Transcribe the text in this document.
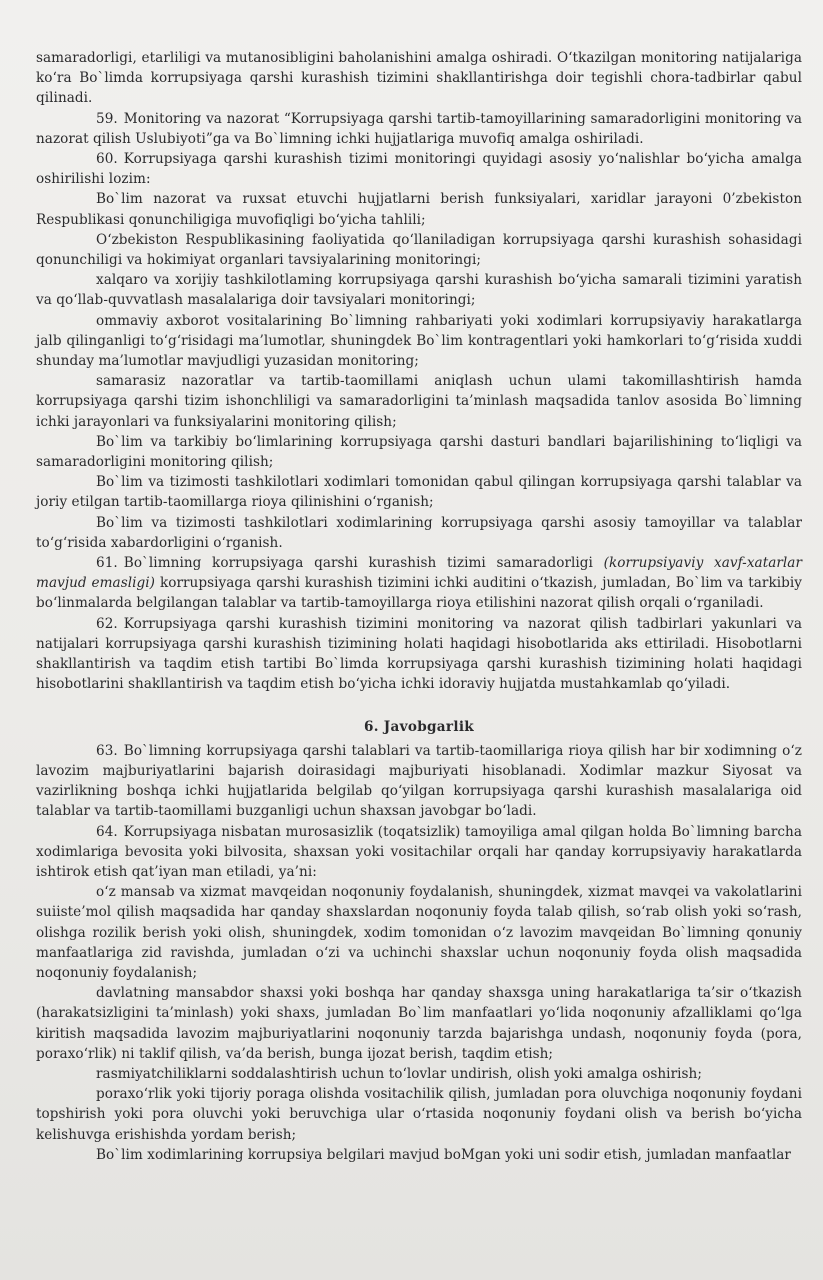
samaradorligi, etarliligi va mutanosibligini baholanishini amalga oshiradi. O‘tkazilgan monitoring natijalariga ko‘ra Bo`limda korrupsiyaga qarshi kurashish tizimini shakllantirishga doir tegishli chora-tadbirlar qabul qilinadi.

59. Monitoring va nazorat “Korrupsiyaga qarshi tartib-tamoyillarining samaradorligini monitoring va nazorat qilish Uslubiyoti”ga va Bo`limning ichki hujjatlariga muvofiq amalga oshiriladi.

60. Korrupsiyaga qarshi kurashish tizimi monitoringi quyidagi asosiy yo‘nalishlar bo‘yicha amalga oshirilishi lozim:

Bo`lim nazorat va ruxsat etuvchi hujjatlarni berish funksiyalari, xaridlar jarayoni 0’zbekiston Respublikasi qonunchiligiga muvofiqligi bo‘yicha tahlili;

O‘zbekiston Respublikasining faoliyatida qo‘llaniladigan korrupsiyaga qarshi kurashish sohasidagi qonunchiligi va hokimiyat organlari tavsiyalarining monitoringi;

xalqaro va xorijiy tashkilotlaming korrupsiyaga qarshi kurashish bo‘yicha samarali tizimini yaratish va qo‘llab-quvvatlash masalalariga doir tavsiyalari monitoringi;

ommaviy axborot vositalarining Bo`limning rahbariyati yoki xodimlari korrupsiyaviy harakatlarga jalb qilinganligi to‘g‘risidagi ma’lumotlar, shuningdek Bo`lim kontragentlari yoki hamkorlari to‘g‘risida xuddi shunday ma’lumotlar mavjudligi yuzasidan monitoring;

samarasiz nazoratlar va tartib-taomillami aniqlash uchun ulami takomillashtirish hamda korrupsiyaga qarshi tizim ishonchliligi va samaradorligini ta’minlash maqsadida tanlov asosida Bo`limning ichki jarayonlari va funksiyalarini monitoring qilish;

Bo`lim va tarkibiy bo‘limlarining korrupsiyaga qarshi dasturi bandlari bajarilishining to‘liqligi va samaradorligini monitoring qilish;

Bo`lim va tizimosti tashkilotlari xodimlari tomonidan qabul qilingan korrupsiyaga qarshi talablar va joriy etilgan tartib-taomillarga rioya qilinishini o‘rganish;

Bo`lim va tizimosti tashkilotlari xodimlarining korrupsiyaga qarshi asosiy tamoyillar va talablar to‘g‘risida xabardorligini o‘rganish.

61. Bo`limning korrupsiyaga qarshi kurashish tizimi samaradorligi (korrupsiyaviy xavf-xatarlar mavjud emasligi) korrupsiyaga qarshi kurashish tizimini ichki auditini o‘tkazish, jumladan, Bo`lim va tarkibiy bo‘linmalarda belgilangan talablar va tartib-tamoyillarga rioya etilishini nazorat qilish orqali o‘rganiladi.

62. Korrupsiyaga qarshi kurashish tizimini monitoring va nazorat qilish tadbirlari yakunlari va natijalari korrupsiyaga qarshi kurashish tizimining holati haqidagi hisobotlarida aks ettiriladi. Hisobotlarni shakllantirish va taqdim etish tartibi Bo`limda korrupsiyaga qarshi kurashish tizimining holati haqidagi hisobotlarini shakllantirish va taqdim etish bo‘yicha ichki idoraviy hujjatda mustahkamlab qo‘yiladi.

6. Javobgarlik

63. Bo`limning korrupsiyaga qarshi talablari va tartib-taomillariga rioya qilish har bir xodimning o‘z lavozim majburiyatlarini bajarish doirasidagi majburiyati hisoblanadi. Xodimlar mazkur Siyosat va vazirlikning boshqa ichki hujjatlarida belgilab qo‘yilgan korrupsiyaga qarshi kurashish masalalariga oid talablar va tartib-taomillami buzganligi uchun shaxsan javobgar bo‘ladi.

64. Korrupsiyaga nisbatan murosasizlik (toqatsizlik) tamoyiliga amal qilgan holda Bo`limning barcha xodimlariga bevosita yoki bilvosita, shaxsan yoki vositachilar orqali har qanday korrupsiyaviy harakatlarda ishtirok etish qat’iyan man etiladi, ya’ni:

o‘z mansab va xizmat mavqeidan noqonuniy foydalanish, shuningdek, xizmat mavqei va vakolatlarini suiiste’mol qilish maqsadida har qanday shaxslardan noqonuniy foyda talab qilish, so‘rab olish yoki so‘rash, olishga rozilik berish yoki olish, shuningdek, xodim tomonidan o‘z lavozim mavqeidan Bo`limning qonuniy manfaatlariga zid ravishda, jumladan o‘zi va uchinchi shaxslar uchun noqonuniy foyda olish maqsadida noqonuniy foydalanish;

davlatning mansabdor shaxsi yoki boshqa har qanday shaxsga uning harakatlariga ta’sir o‘tkazish (harakatsizligini ta’minlash) yoki shaxs, jumladan Bo`lim manfaatlari yo‘lida noqonuniy afzalliklami qo‘lga kiritish maqsadida lavozim majburiyatlarini noqonuniy tarzda bajarishga undash, noqonuniy foyda (pora, poraxo‘rlik) ni taklif qilish, va’da berish, bunga ijozat berish, taqdim etish;

rasmiyatchiliklarni soddalashtirish uchun to‘lovlar undirish, olish yoki amalga oshirish;

poraxo‘rlik yoki tijoriy poraga olishda vositachilik qilish, jumladan pora oluvchiga noqonuniy foydani topshirish yoki pora oluvchi yoki beruvchiga ular o‘rtasida noqonuniy foydani olish va berish bo‘yicha kelishuvga erishishda yordam berish;

Bo`lim xodimlarining korrupsiya belgilari mavjud boMgan yoki uni sodir etish, jumladan manfaatlar
